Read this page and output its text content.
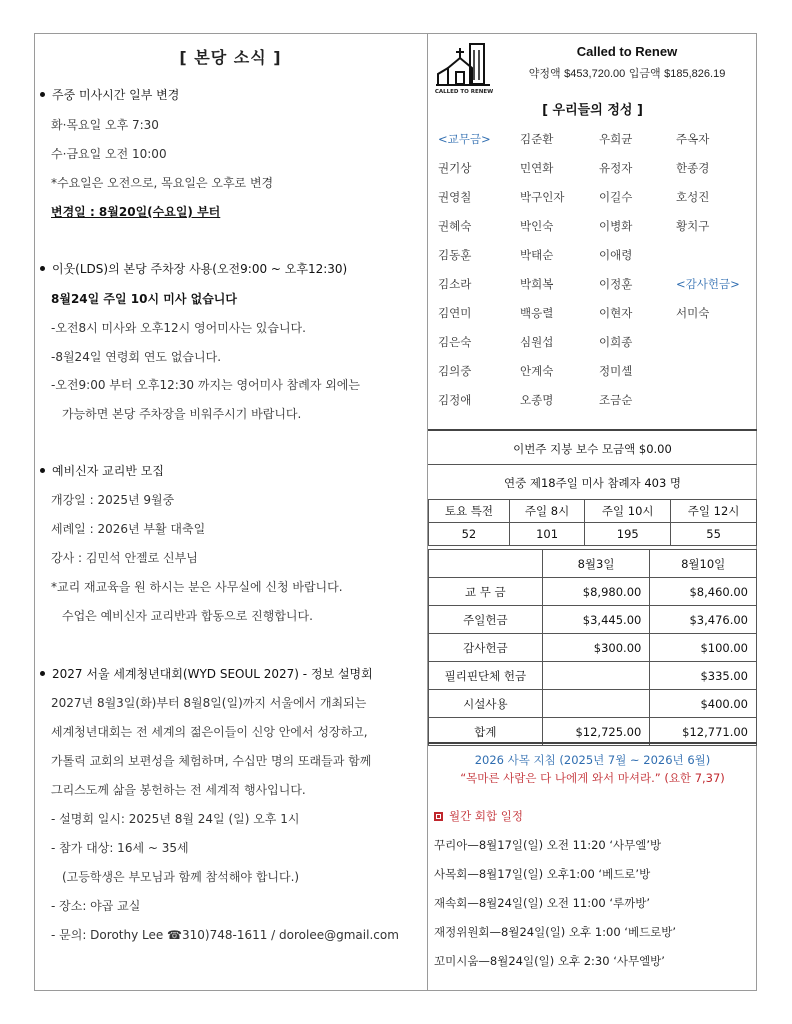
[ 본당 소식 ]
주중 미사시간 일부 변경
화·목요일 오후 7:30
수·금요일 오전 10:00
*수요일은 오전으로, 목요일은 오후로 변경
변경일 : 8월20일(수요일) 부터
이웃(LDS)의 본당 주차장 사용(오전9:00 ~ 오후12:30)
8월24일 주일 10시 미사 없습니다
-오전8시 미사와 오후12시 영어미사는 있습니다.
-8월24일 연령회 연도 없습니다.
-오전9:00 부터 오후12:30 까지는 영어미사 참례자 외에는
가능하면 본당 주차장을 비워주시기 바랍니다.
예비신자 교리반 모집
개강일 : 2025년 9월중
세례일 : 2026년 부활 대축일
강사 : 김민석 안젤로 신부님
*교리 재교육을 원 하시는 분은 사무실에 신청 바랍니다.
수업은 예비신자 교리반과 합동으로 진행합니다.
2027 서울 세계청년대회(WYD SEOUL 2027) - 정보 설명회
2027년 8월3일(화)부터 8월8일(일)까지 서울에서 개최되는
세계청년대회는 전 세계의 젊은이들이 신앙 안에서 성장하고,
가톨릭 교회의 보편성을 체험하며, 수십만 명의 또래들과 함께
그리스도께 삶을 봉헌하는 전 세계적 행사입니다.
- 설명회 일시: 2025년 8월 24일 (일) 오후 1시
- 참가 대상: 16세 ~ 35세
(고등학생은 부모님과 함께 참석해야 합니다.)
- 장소: 야곱 교실
- 문의: Dorothy Lee ☎310)748-1611 / dorolee@gmail.com
CALLED TO RENEW
Called to Renew
약정액 $453,720.00 입금액 $185,826.19
[ 우리들의 정성 ]
<교무금>	김준환	우희균	주옥자
권기상	민연화	유정자	한종경
권영칠	박구인자	이길수	호성진
권혜숙	박인숙	이병화	황치구
김동훈	박태순	이애령
김소라	박희복	이정훈	<감사헌금>
김연미	백응렬	이현자	서미숙
김은숙	심원섭	이희종
김의중	안계숙	정미셸
김정애	오종명	조금순
이번주 지붕 보수 모금액 $0.00
연중 제18주일 미사 참례자 403 명
토요 특전	주일 8시	주일 10시	주일 12시
52	101	195	55
	8월3일	8월10일
교 무 금	$8,980.00	$8,460.00
주일헌금	$3,445.00	$3,476.00
감사헌금	$300.00	$100.00
필리핀단체 헌금		$335.00
시설사용		$400.00
합계	$12,725.00	$12,771.00
2026 사목 지침 (2025년 7월 ~ 2026년 6월)
“목마른 사람은 다 나에게 와서 마셔라.” (요한 7,37)
월간 회합 일정
꾸리아—8월17일(일) 오전 11:20 ‘사무엘’방
사목회—8월17일(일) 오후1:00 ‘베드로’방
재속회—8월24일(일) 오전 11:00 ‘루까방’
재정위원회—8월24일(일) 오후 1:00 ‘베드로방’
꼬미시움—8월24일(일) 오후 2:30 ‘사무엘방’
